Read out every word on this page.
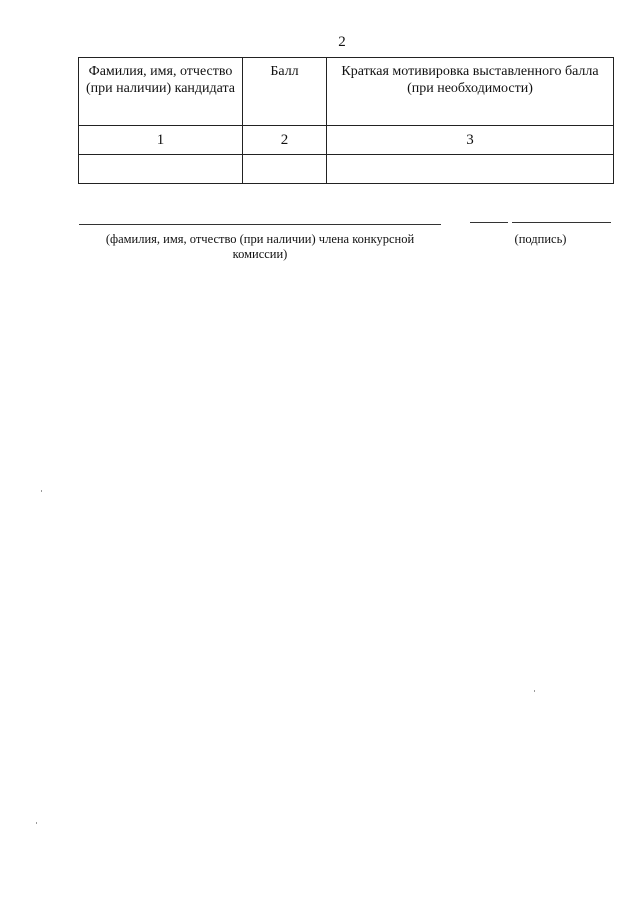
2
Фамилия, имя, отчество (при наличии) кандидата	Балл	Краткая мотивировка выставленного балла (при необходимости)
1	2	3

(фамилия, имя, отчество (при наличии) члена конкурсной комиссии)
(подпись)
